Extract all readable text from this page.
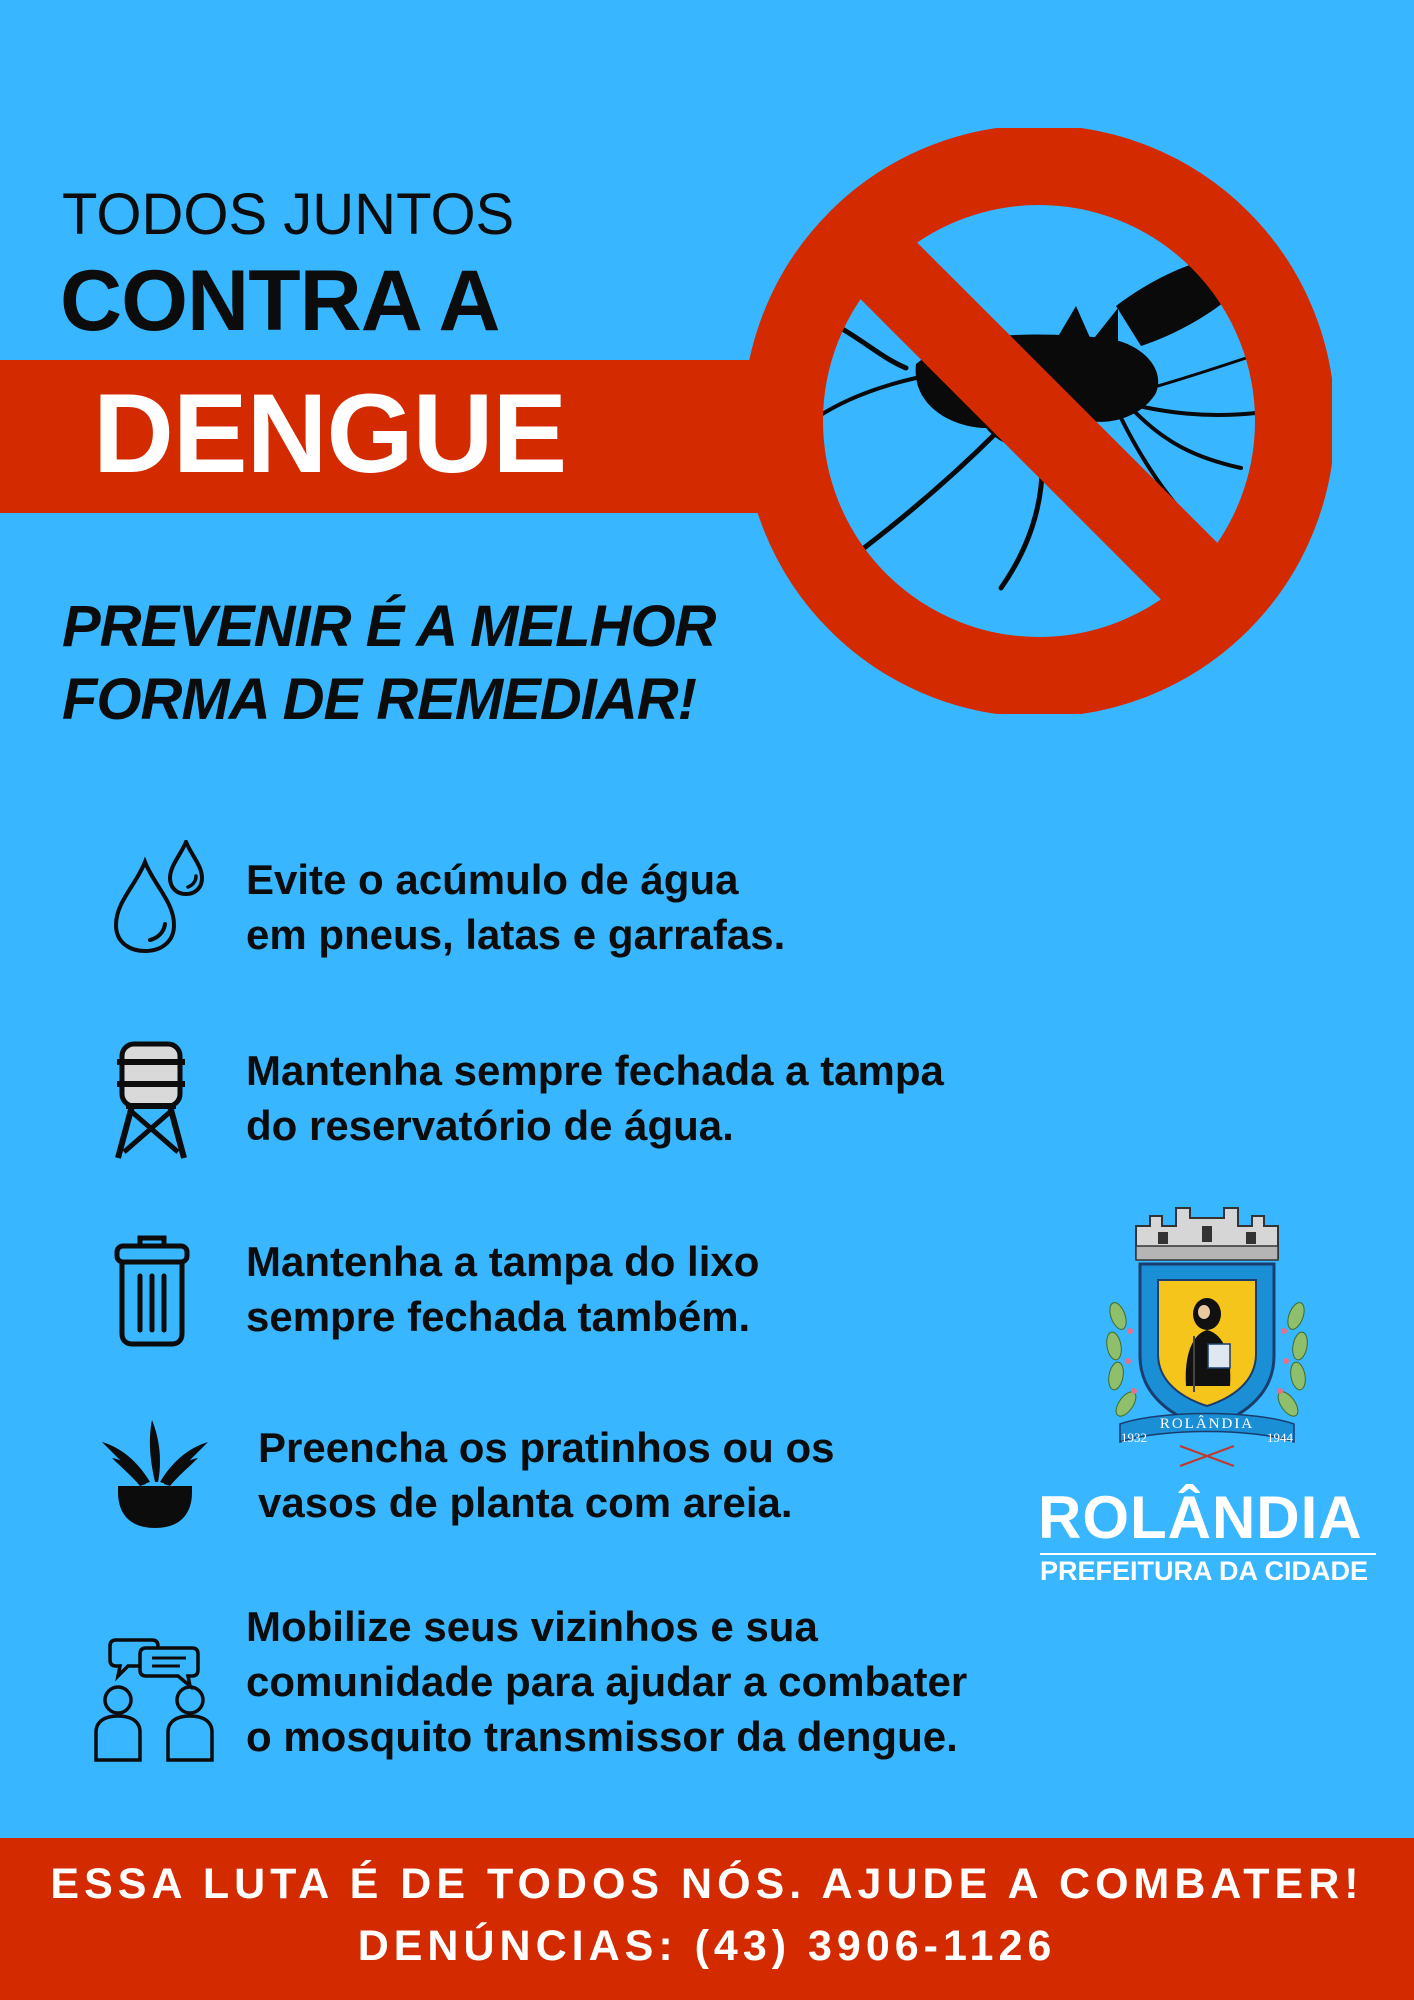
TODOS JUNTOS
CONTRA A
DENGUE
PREVENIR É A MELHOR
FORMA DE REMEDIAR!
Evite o acúmulo de água
em pneus, latas e garrafas.
Mantenha sempre fechada a tampa
do reservatório de água.
Mantenha a tampa do lixo
sempre fechada também.
Preencha os pratinhos ou os
vasos de planta com areia.
Mobilize seus vizinhos e sua
comunidade para ajudar a combater
o mosquito transmissor da dengue.
ROLÂNDIA
1932	1944
ROLÂNDIA
PREFEITURA DA CIDADE
ESSA LUTA É DE TODOS NÓS. AJUDE A COMBATER!
DENÚNCIAS: (43) 3906-1126
